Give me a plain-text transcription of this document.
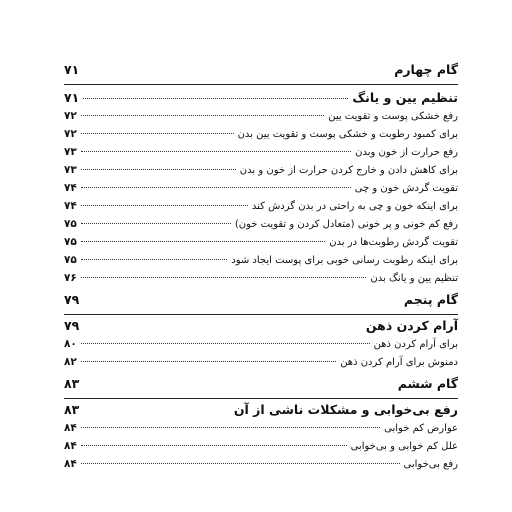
گام چهارم
۷۱
تنظیم یین و یانگ
۷۱
رفع خشکی پوست و تقویت یین
۷۲
برای کمبود رطوبت و خشکی پوست و تقویت یین بدن
۷۲
رفع حرارت از خون وبدن
۷۳
برای کاهش دادن و خارج کردن حرارت از خون و بدن
۷۳
تقویت گردش خون و چی
۷۴
برای اینکه خون و چی به راحتی در بدن گردش کند
۷۴
رفع کم خونی و پر خونی (متعادل کردن و تقویت خون)
۷۵
تقویت گردش رطوبت‌ها در بدن
۷۵
برای اینکه رطوبت رسانی خوبی برای پوست ایجاد شود
۷۵
تنظیم یین و یانگ بدن
۷۶
گام پنجم
۷۹
آرام کردن ذهن
۷۹
برای آرام کردن ذهن
۸۰
دمنوش برای آرام کردن ذهن
۸۲
گام ششم
۸۳
رفع بی‌خوابی و مشکلات ناشی از آن
۸۳
عوارض کم خوابی
۸۴
علل کم خوابی و بی‌خوابی
۸۴
رفع بی‌خوابی
۸۴
